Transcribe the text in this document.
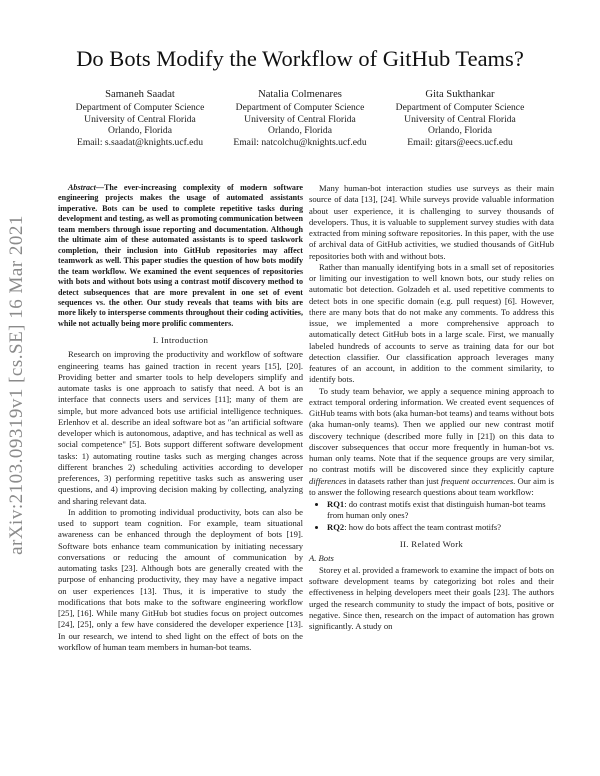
arXiv:2103.09319v1 [cs.SE] 16 Mar 2021
Do Bots Modify the Workflow of GitHub Teams?
Samaneh Saadat
Department of Computer Science
University of Central Florida
Orlando, Florida
Email: s.saadat@knights.ucf.edu
Natalia Colmenares
Department of Computer Science
University of Central Florida
Orlando, Florida
Email: natcolchu@knights.ucf.edu
Gita Sukthankar
Department of Computer Science
University of Central Florida
Orlando, Florida
Email: gitars@eecs.ucf.edu

Abstract—The ever-increasing complexity of modern software engineering projects makes the usage of automated assistants imperative. Bots can be used to complete repetitive tasks during development and testing, as well as promoting communication between team members through issue reporting and documentation. Although the ultimate aim of these automated assistants is to speed taskwork completion, their inclusion into GitHub repositories may affect teamwork as well. This paper studies the question of how bots modify the team workflow. We examined the event sequences of repositories with bots and without bots using a contrast motif discovery method to detect subsequences that are more prevalent in one set of event sequences vs. the other. Our study reveals that teams with bits are more likely to intersperse comments throughout their coding activities, while not actually being more prolific commenters.

I. Introduction

Research on improving the productivity and workflow of software engineering teams has gained traction in recent years [15], [20]. Providing better and smarter tools to help developers simplify and automate tasks is one approach to satisfy that need. A bot is an interface that connects users and services [11]; many of them are simple, but more advanced bots use artificial intelligence techniques. Erlenhov et al. describe an ideal software bot as "an artificial software developer which is autonomous, adaptive, and has technical as well as social competence" [5]. Bots support different software development tasks: 1) automating routine tasks such as merging changes across different branches 2) scheduling activities according to developer preferences, 3) performing repetitive tasks such as answering user questions, and 4) improving decision making by collecting, analyzing and sharing relevant data.

In addition to promoting individual productivity, bots can also be used to support team cognition. For example, team situational awareness can be enhanced through the deployment of bots [19]. Software bots enhance team communication by initiating necessary conversations or reducing the amount of communication by automating tasks [23]. Although bots are generally created with the purpose of enhancing productivity, they may have a negative impact on user experiences [13]. Thus, it is imperative to study the modifications that bots make to the software engineering workflow [25], [16]. While many GitHub bot studies focus on project outcomes [24], [25], only a few have considered the developer experience [13]. In our research, we intend to shed light on the effect of bots on the workflow of human team members in human-bot teams.

Many human-bot interaction studies use surveys as their main source of data [13], [24]. While surveys provide valuable information about user experience, it is challenging to survey thousands of developers. Thus, it is valuable to supplement survey studies with data extracted from mining software repositories. In this paper, with the use of archival data of GitHub activities, we studied thousands of GitHub repositories both with and without bots.

Rather than manually identifying bots in a small set of repositories or limiting our investigation to well known bots, our study relies on automatic bot detection. Golzadeh et al. used repetitive comments to detect bots in one specific domain (e.g. pull request) [6]. However, there are many bots that do not make any comments. To address this issue, we implemented a more comprehensive approach to automatically detect GitHub bots in a large scale. First, we manually labeled hundreds of accounts to serve as training data for our bot detection classifier. Our classification approach leverages many features of an account, in addition to the comment similarity, to identify bots.

To study team behavior, we apply a sequence mining approach to extract temporal ordering information. We created event sequences of GitHub teams with bots (aka human-bot teams) and teams without bots (aka human-only teams). Then we applied our new contrast motif discovery technique (described more fully in [21]) on this data to discover subsequences that occur more frequently in human-bot vs. human only teams. Note that if the sequence groups are very similar, no contrast motifs will be discovered since they explicitly capture differences in datasets rather than just frequent occurrences. Our aim is to answer the following research questions about team workflow:

• RQ1: do contrast motifs exist that distinguish human-bot teams from human only ones?
• RQ2: how do bots affect the team contrast motifs?
II. Related Work
A. Bots

Storey et al. provided a framework to examine the impact of bots on software development teams by categorizing bot roles and their effectiveness in helping developers meet their goals [23]. The authors urged the research community to study the impact of bots, positive or negative. Since then, research on the impact of automation has grown significantly. A study on
